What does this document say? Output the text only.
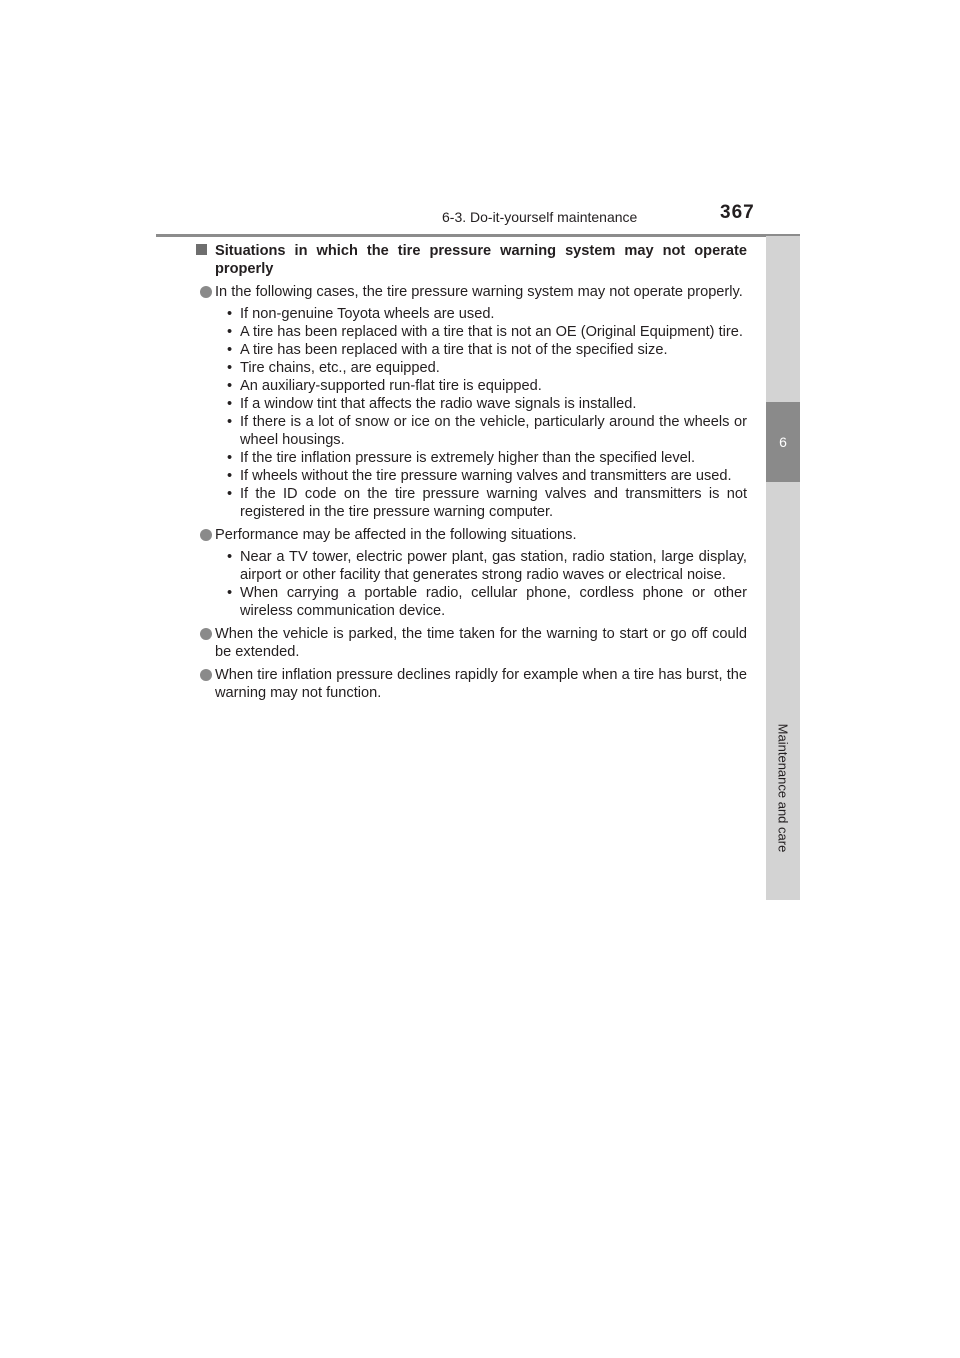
6-3. Do-it-yourself maintenance	367
6
Maintenance and care
Situations in which the tire pressure warning system may not operate properly
In the following cases, the tire pressure warning system may not operate properly.
• If non-genuine Toyota wheels are used.
• A tire has been replaced with a tire that is not an OE (Original Equipment) tire.
• A tire has been replaced with a tire that is not of the specified size.
• Tire chains, etc., are equipped.
• An auxiliary-supported run-flat tire is equipped.
• If a window tint that affects the radio wave signals is installed.
• If there is a lot of snow or ice on the vehicle, particularly around the wheels or wheel housings.
• If the tire inflation pressure is extremely higher than the specified level.
• If wheels without the tire pressure warning valves and transmitters are used.
• If the ID code on the tire pressure warning valves and transmitters is not registered in the tire pressure warning computer.
Performance may be affected in the following situations.
• Near a TV tower, electric power plant, gas station, radio station, large display, airport or other facility that generates strong radio waves or electrical noise.
• When carrying a portable radio, cellular phone, cordless phone or other wireless communication device.
When the vehicle is parked, the time taken for the warning to start or go off could be extended.
When tire inflation pressure declines rapidly for example when a tire has burst, the warning may not function.
